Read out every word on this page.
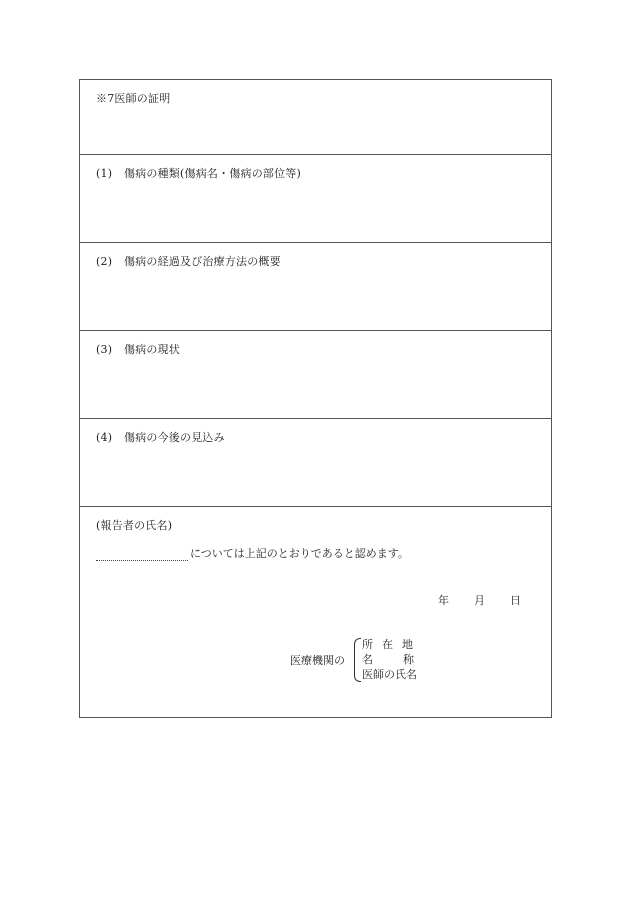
※7医師の証明
(1) 傷病の種類(傷病名・傷病の部位等)
(2) 傷病の経過及び治療方法の概要
(3) 傷病の現状
(4) 傷病の今後の見込み
(報告者の氏名)
については上記のとおりであると認めます。
年 月 日
医療機関の
所在地
名称
医師の氏名
